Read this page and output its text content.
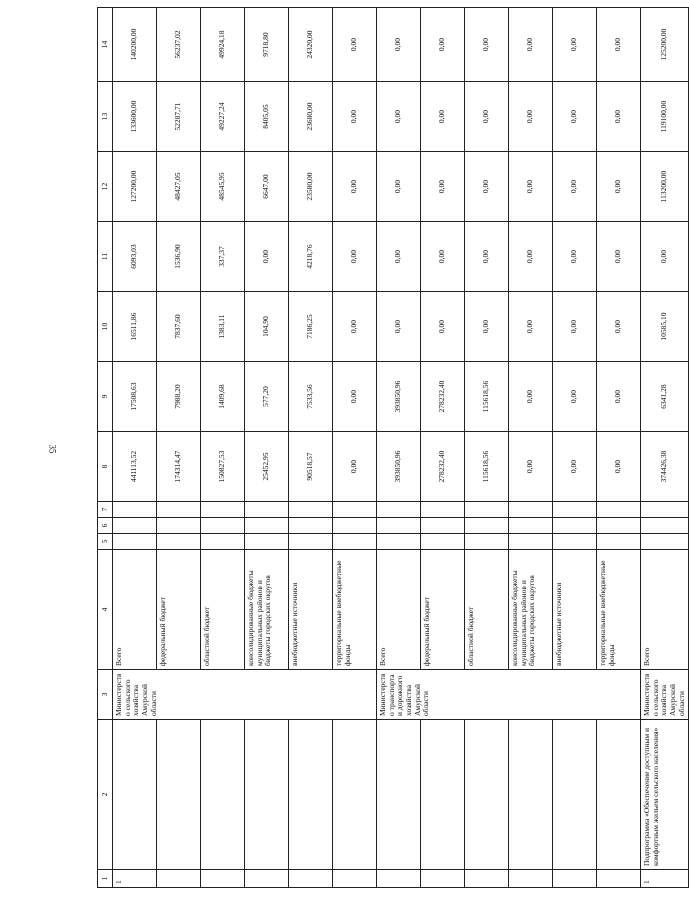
35
1	2	3	4	5	6	7	8	9	10	11	12	13	14
1		Министерство сельского хозяйства Амурской области	Всего				441113,52	17508,63	16511,86	6093,03	127200,00	133600,00	140200,00
			федеральный бюджет				174314,47	7988,20	7837,60	1536,90	48427,05	52287,71	56237,02
			областной бюджет				150827,53	1409,68	1383,11	337,37	48545,95	49227,24	49924,18
			консолидированные бюджеты муниципальных районов и бюджеты городских округов				25452,95	577,20	104,90	0,00	6647,00	8405,05	9718,80
			внебюджетные источники				90518,57	7533,56	7186,25	4218,76	23580,00	23680,00	24320,00
			территориальные внебюджетные фонды				0,00	0,00	0,00	0,00	0,00	0,00	0,00
		Министерство транспорта и дорожного хозяйства Амурской области	Всего				393850,96	393850,96	0,00	0,00	0,00	0,00	0,00
			федеральный бюджет				278232,40	278232,40	0,00	0,00	0,00	0,00	0,00
			областной бюджет				115618,56	115618,56	0,00	0,00	0,00	0,00	0,00
			консолидированные бюджеты муниципальных районов и бюджеты городских округов				0,00	0,00	0,00	0,00	0,00	0,00	0,00
			внебюджетные источники				0,00	0,00	0,00	0,00	0,00	0,00	0,00
			территориальные внебюджетные фонды				0,00	0,00	0,00	0,00	0,00	0,00	0,00
1	Подпрограмма «Обеспечение доступным и комфортным жильем сельского населения»	Министерство сельского хозяйства Амурской области	Всего				374426,38	6341,28	10585,10	0,00	113200,00	119100,00	125200,00
